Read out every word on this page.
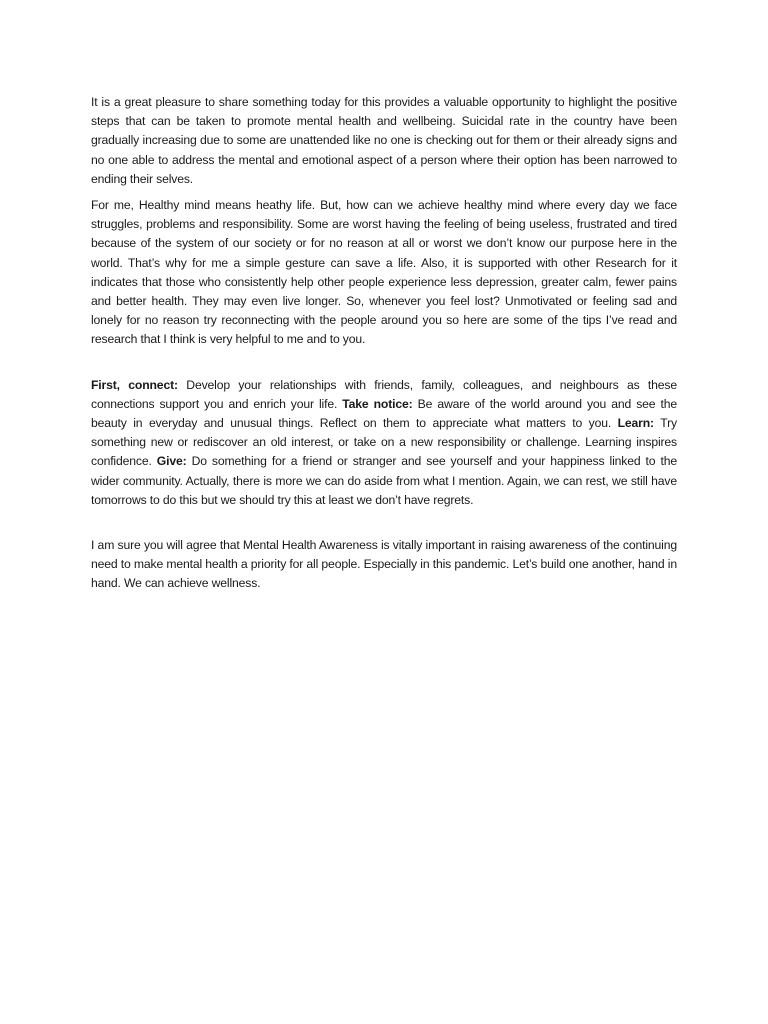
It is a great pleasure to share something today for this provides a valuable opportunity to highlight the positive steps that can be taken to promote mental health and wellbeing. Suicidal rate in the country have been gradually increasing due to some are unattended like no one is checking out for them or their already signs and no one able to address the mental and emotional aspect of a person where their option has been narrowed to ending their selves.

For me, Healthy mind means heathy life. But, how can we achieve healthy mind where every day we face struggles, problems and responsibility. Some are worst having the feeling of being useless, frustrated and tired because of the system of our society or for no reason at all or worst we don’t know our purpose here in the world. That’s why for me a simple gesture can save a life. Also, it is supported with other Research for it indicates that those who consistently help other people experience less depression, greater calm, fewer pains and better health. They may even live longer. So, whenever you feel lost? Unmotivated or feeling sad and lonely for no reason try reconnecting with the people around you so here are some of the tips I’ve read and research that I think is very helpful to me and to you.

First, connect: Develop your relationships with friends, family, colleagues, and neighbours as these connections support you and enrich your life. Take notice: Be aware of the world around you and see the beauty in everyday and unusual things. Reflect on them to appreciate what matters to you. Learn: Try something new or rediscover an old interest, or take on a new responsibility or challenge. Learning inspires confidence. Give: Do something for a friend or stranger and see yourself and your happiness linked to the wider community. Actually, there is more we can do aside from what I mention. Again, we can rest, we still have tomorrows to do this but we should try this at least we don’t have regrets.

I am sure you will agree that Mental Health Awareness is vitally important in raising awareness of the continuing need to make mental health a priority for all people. Especially in this pandemic. Let’s build one another, hand in hand. We can achieve wellness.
